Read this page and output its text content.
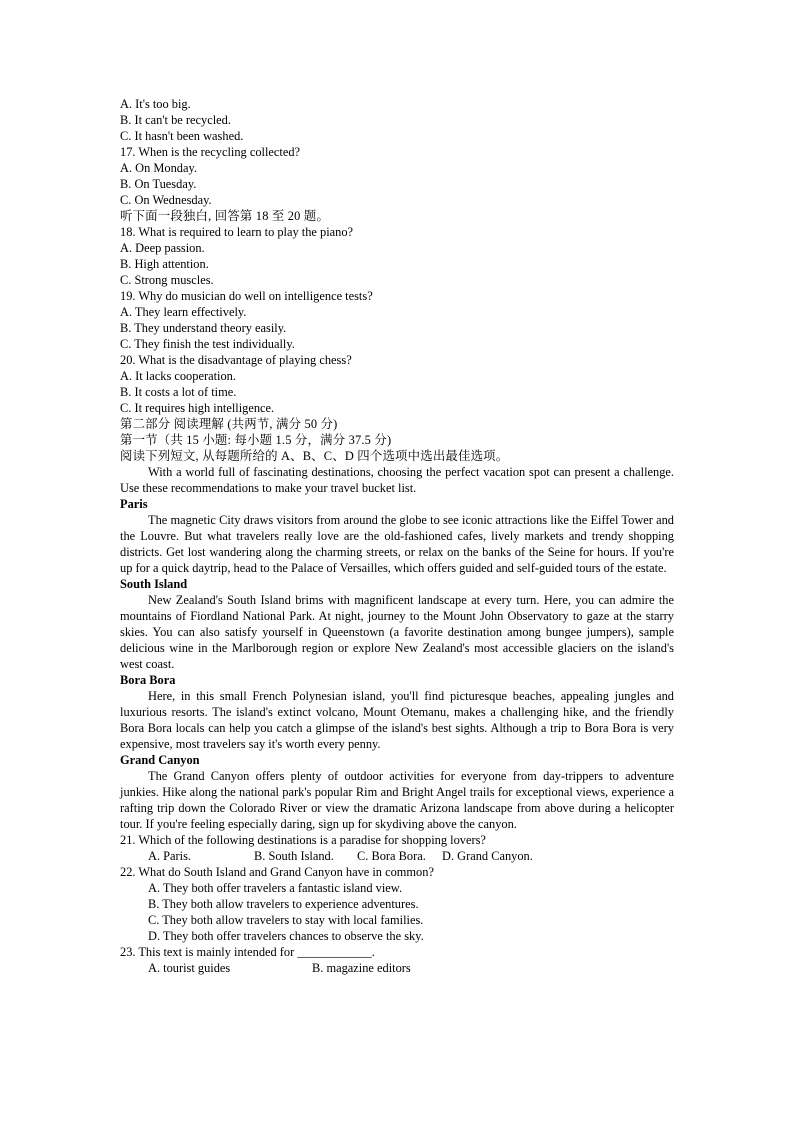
A. It's too big.
B. It can't be recycled.
C. It hasn't been washed.
17. When is the recycling collected?
A. On Monday.
B. On Tuesday.
C. On Wednesday.
听下面一段独白, 回答第 18 至 20 题。
18. What is required to learn to play the piano?
A. Deep passion.
B. High attention.
C. Strong muscles.
19. Why do musician do well on intelligence tests?
A. They learn effectively.
B. They understand theory easily.
C. They finish the test individually.
20. What is the disadvantage of playing chess?
A. It lacks cooperation.
B. It costs a lot of time.
C. It requires high intelligence.
第二部分 阅读理解 (共两节, 满分 50 分)
第一节（共 15 小题: 每小题 1.5 分，满分 37.5 分)
阅读下列短文, 从每题所给的 A、B、C、D 四个选项中选出最佳选项。
With a world full of fascinating destinations, choosing the perfect vacation spot can present a challenge. Use these recommendations to make your travel bucket list.
Paris
The magnetic City draws visitors from around the globe to see iconic attractions like the Eiffel Tower and the Louvre. But what travelers really love are the old-fashioned cafes, lively markets and trendy shopping districts. Get lost wandering along the charming streets, or relax on the banks of the Seine for hours. If you're up for a quick daytrip, head to the Palace of Versailles, which offers guided and self-guided tours of the estate.
South Island
New Zealand's South Island brims with magnificent landscape at every turn. Here, you can admire the mountains of Fiordland National Park. At night, journey to the Mount John Observatory to gaze at the starry skies. You can also satisfy yourself in Queenstown (a favorite destination among bungee jumpers), sample delicious wine in the Marlborough region or explore New Zealand's most accessible glaciers on the island's west coast.
Bora Bora
Here, in this small French Polynesian island, you'll find picturesque beaches, appealing jungles and luxurious resorts. The island's extinct volcano, Mount Otemanu, makes a challenging hike, and the friendly Bora Bora locals can help you catch a glimpse of the island's best sights. Although a trip to Bora Bora is very expensive, most travelers say it's worth every penny.
Grand Canyon
The Grand Canyon offers plenty of outdoor activities for everyone from day-trippers to adventure junkies. Hike along the national park's popular Rim and Bright Angel trails for exceptional views, experience a rafting trip down the Colorado River or view the dramatic Arizona landscape from above during a helicopter tour. If you're feeling especially daring, sign up for skydiving above the canyon.
21. Which of the following destinations is a paradise for shopping lovers?
A. Paris.	B. South Island. C. Bora Bora. D. Grand Canyon.
22. What do South Island and Grand Canyon have in common?
A. They both offer travelers a fantastic island view.
B. They both allow travelers to experience adventures.
C. They both allow travelers to stay with local families.
D. They both offer travelers chances to observe the sky.
23. This text is mainly intended for ____________.
A. tourist guides	B. magazine editors
